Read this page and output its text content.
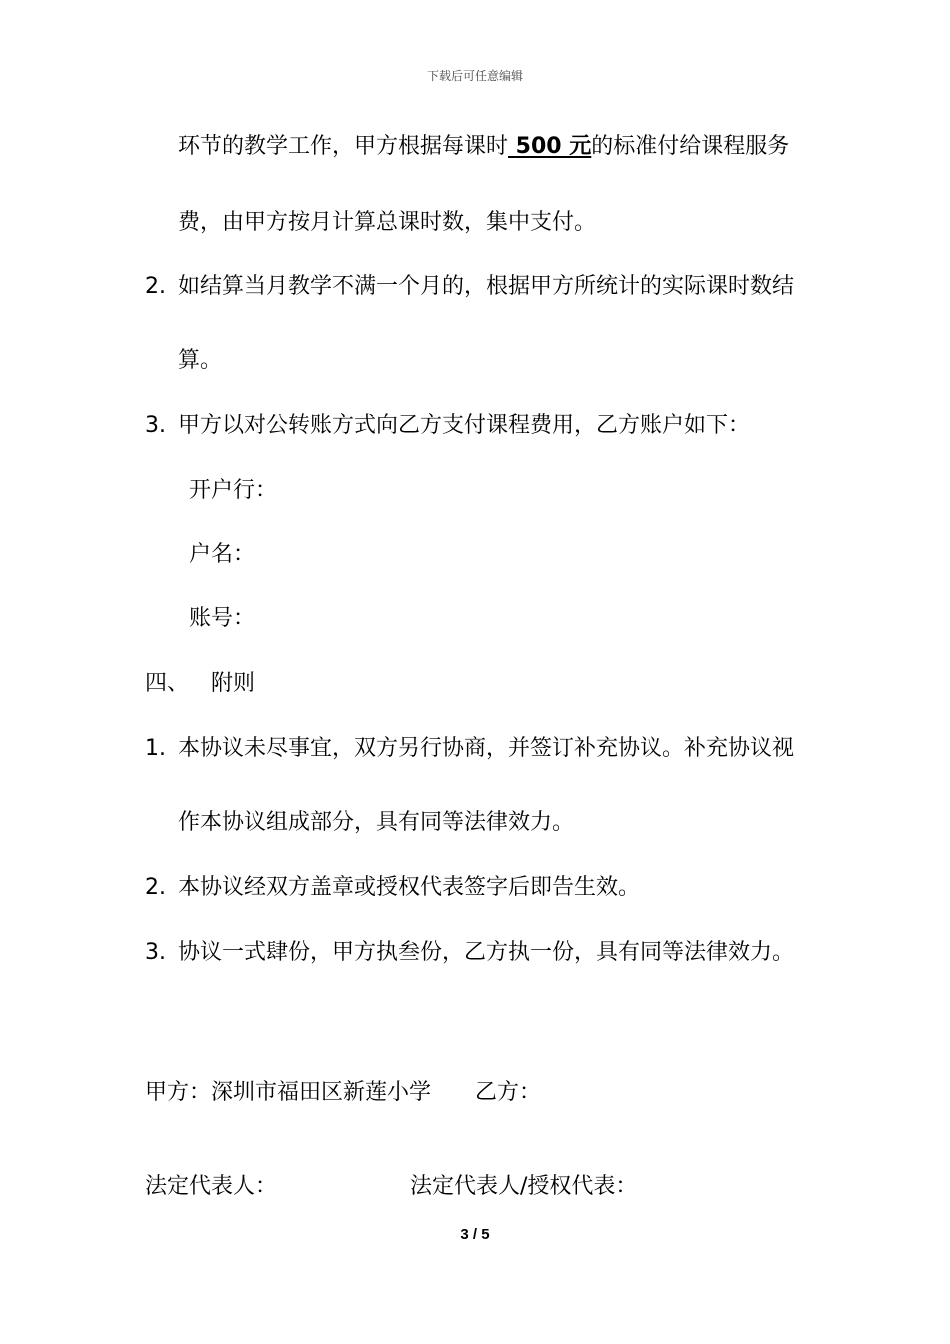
下载后可任意编辑
环节的教学工作，甲方根据每课时 500 元的标准付给课程服务
费，由甲方按月计算总课时数，集中支付。
2. 如结算当月教学不满一个月的，根据甲方所统计的实际课时数结
算。
3. 甲方以对公转账方式向乙方支付课程费用，乙方账户如下：
开户行：
户名：
账号：
四、 附则
1. 本协议未尽事宜，双方另行协商，并签订补充协议。补充协议视
作本协议组成部分，具有同等法律效力。
2. 本协议经双方盖章或授权代表签字后即告生效。
3. 协议一式肆份，甲方执叁份，乙方执一份，具有同等法律效力。
甲方：深圳市福田区新莲小学 乙方：
法定代表人：	法定代表人/授权代表：
3 / 5
